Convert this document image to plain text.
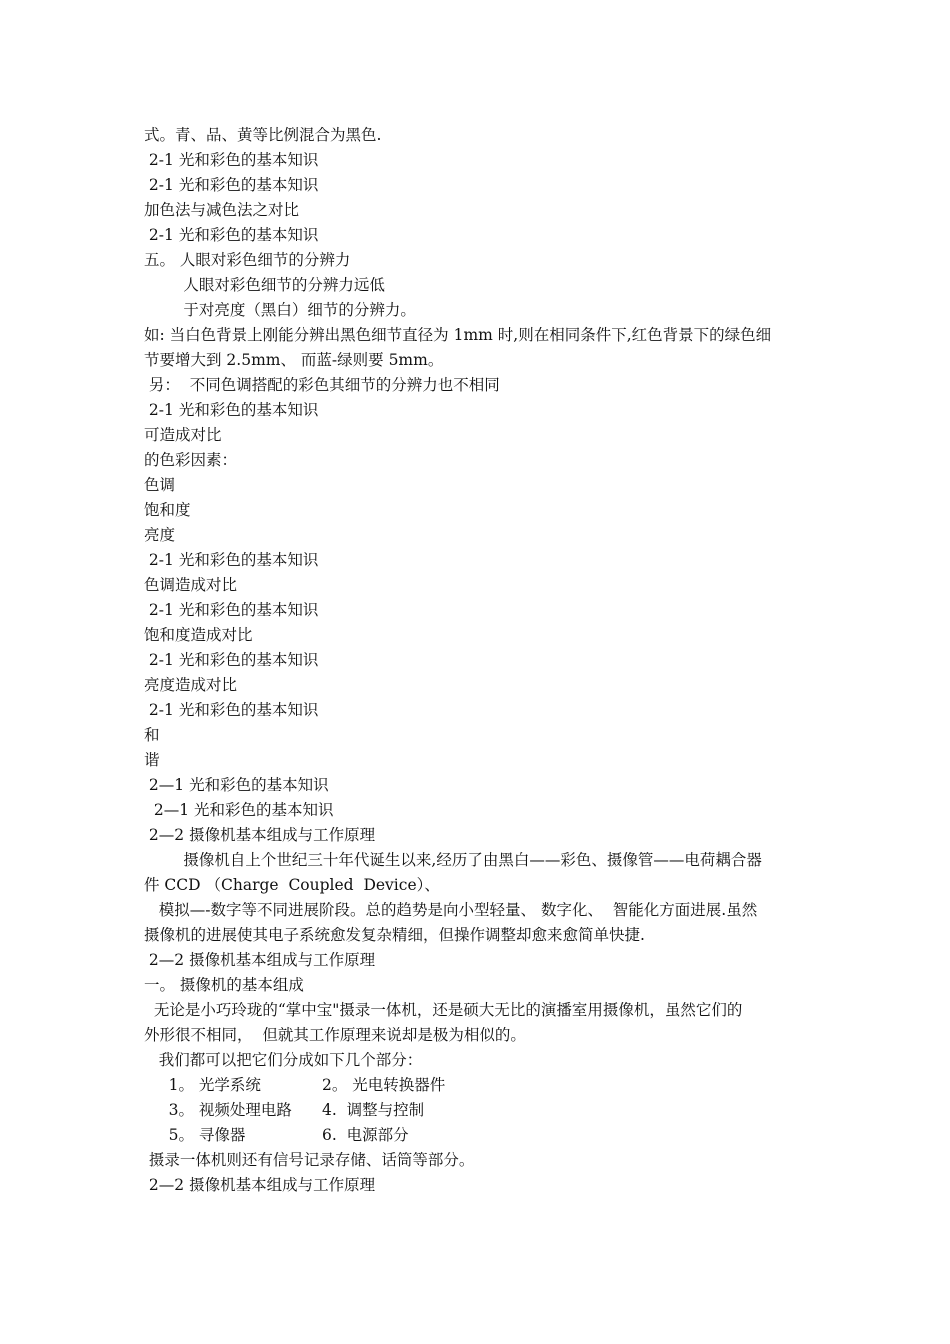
式。青、品、黄等比例混合为黑色.
2-1 光和彩色的基本知识
2-1 光和彩色的基本知识
加色法与减色法之对比
2-1 光和彩色的基本知识
五。 人眼对彩色细节的分辨力
人眼对彩色细节的分辨力远低
于对亮度（黑白）细节的分辨力。
如: 当白色背景上刚能分辨出黑色细节直径为 1mm 时,则在相同条件下,红色背景下的绿色细
节要增大到 2.5mm、 而蓝-绿则要 5mm。
另：  不同色调搭配的彩色其细节的分辨力也不相同
2-1 光和彩色的基本知识
可造成对比
的色彩因素：
色调
饱和度
亮度
2-1 光和彩色的基本知识
色调造成对比
2-1 光和彩色的基本知识
饱和度造成对比
2-1 光和彩色的基本知识
亮度造成对比
2-1 光和彩色的基本知识
和
谐
2—1 光和彩色的基本知识
2—1 光和彩色的基本知识
2—2 摄像机基本组成与工作原理
摄像机自上个世纪三十年代诞生以来,经历了由黑白——彩色、摄像管——电荷耦合器
件 CCD （Charge  Coupled  Device）、
模拟—-数字等不同进展阶段。总的趋势是向小型轻量、 数字化、  智能化方面进展.虽然
摄像机的进展使其电子系统愈发复杂精细，但操作调整却愈来愈简单快捷.
2—2 摄像机基本组成与工作原理
一。 摄像机的基本组成
无论是小巧玲珑的“掌中宝"摄录一体机，还是硕大无比的演播室用摄像机，虽然它们的
外形很不相同，  但就其工作原理来说却是极为相似的。
我们都可以把它们分成如下几个部分：
摄录一体机则还有信号记录存储、话筒等部分。
2—2 摄像机基本组成与工作原理
1。 光学系统	2。 光电转换器件
3。 视频处理电路	4.  调整与控制
5。 寻像器	6.  电源部分
